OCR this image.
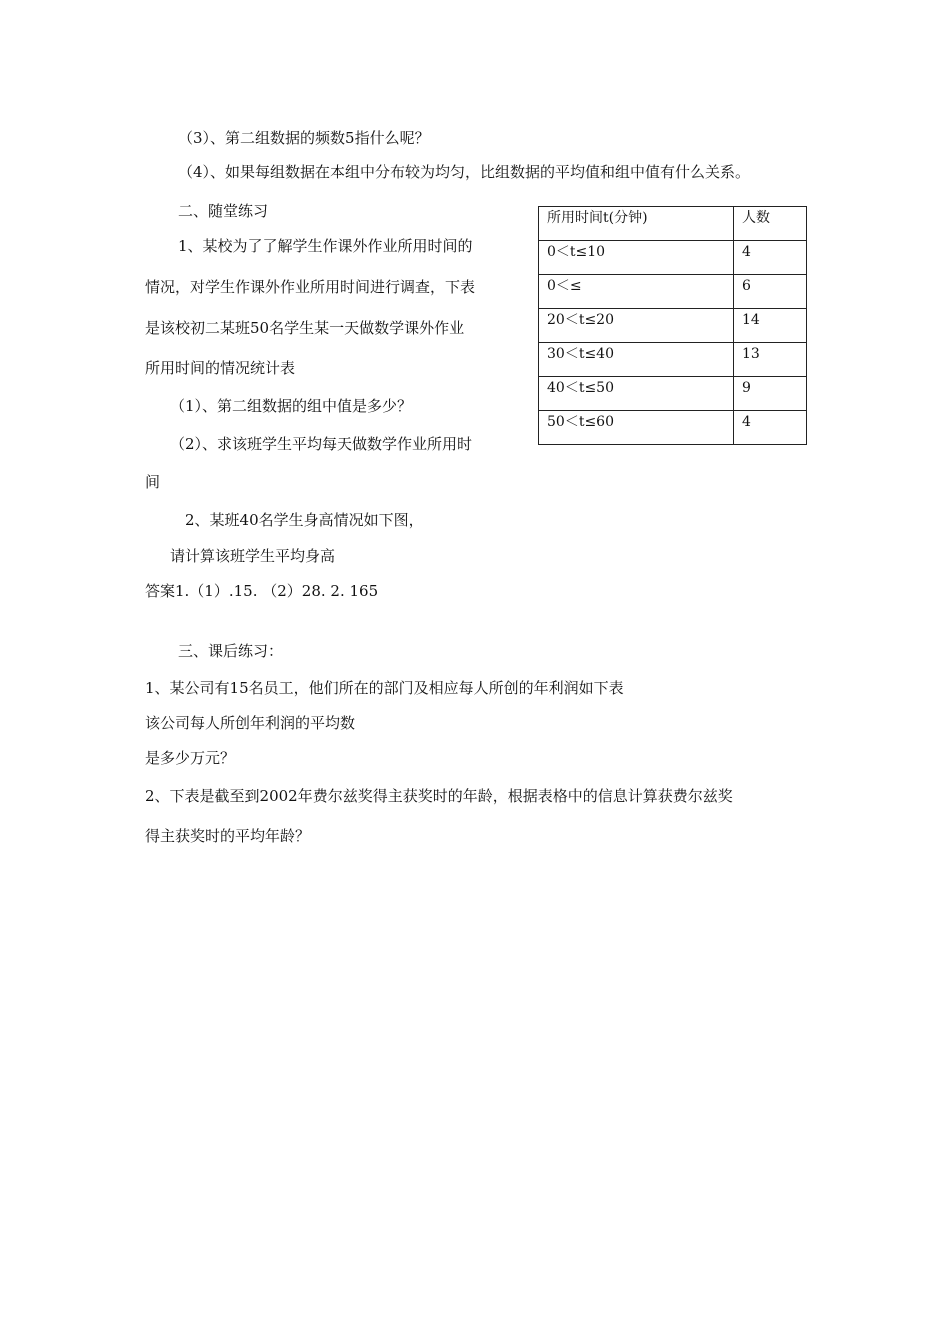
（3）、第二组数据的频数5指什么呢？
（4）、如果每组数据在本组中分布较为均匀，比组数据的平均值和组中值有什么关系。
二、随堂练习
1、某校为了了解学生作课外作业所用时间的
情况，对学生作课外作业所用时间进行调查，下表
是该校初二某班50名学生某一天做数学课外作业
所用时间的情况统计表
（1）、第二组数据的组中值是多少？
（2）、求该班学生平均每天做数学作业所用时
间
2、某班40名学生身高情况如下图，
请计算该班学生平均身高
答案1.（1）.15. （2）28. 2. 165
三、课后练习：
1、某公司有15名员工，他们所在的部门及相应每人所创的年利润如下表
该公司每人所创年利润的平均数
是多少万元？
2、下表是截至到2002年费尔兹奖得主获奖时的年龄，根据表格中的信息计算获费尔兹奖
得主获奖时的平均年龄？
所用时间t(分钟)	人数
0＜t≤10	4
0＜≤	6
20＜t≤20	14
30＜t≤40	13
40＜t≤50	9
50＜t≤60	4
